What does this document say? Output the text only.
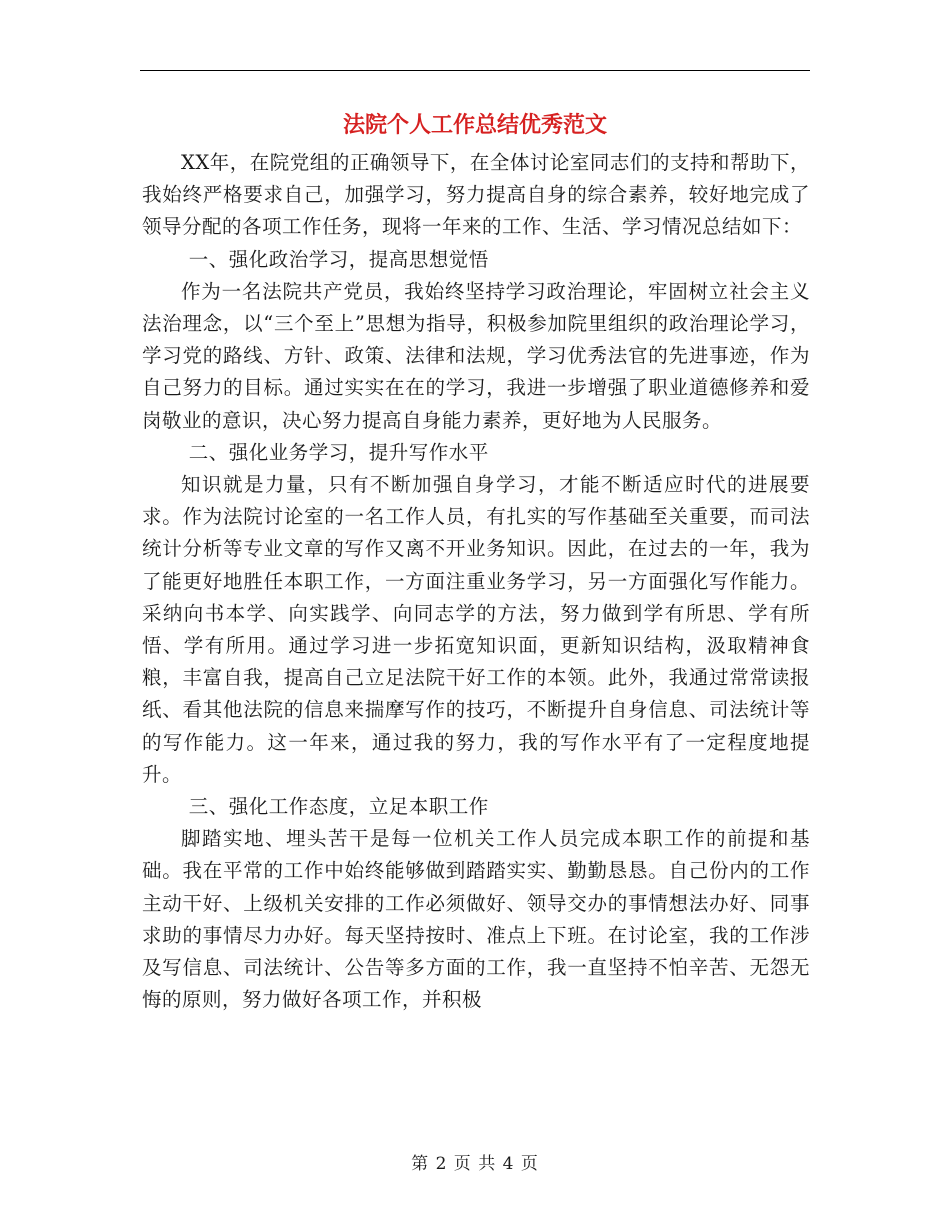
法院个人工作总结优秀范文

XX年，在院党组的正确领导下，在全体讨论室同志们的支持和帮助下，我始终严格要求自己，加强学习，努力提高自身的综合素养，较好地完成了领导分配的各项工作任务，现将一年来的工作、生活、学习情况总结如下：

一、强化政治学习，提高思想觉悟

作为一名法院共产党员，我始终坚持学习政治理论，牢固树立社会主义法治理念，以“三个至上”思想为指导，积极参加院里组织的政治理论学习，学习党的路线、方针、政策、法律和法规，学习优秀法官的先进事迹，作为自己努力的目标。通过实实在在的学习，我进一步增强了职业道德修养和爱岗敬业的意识，决心努力提高自身能力素养，更好地为人民服务。

二、强化业务学习，提升写作水平

知识就是力量，只有不断加强自身学习，才能不断适应时代的进展要求。作为法院讨论室的一名工作人员，有扎实的写作基础至关重要，而司法统计分析等专业文章的写作又离不开业务知识。因此，在过去的一年，我为了能更好地胜任本职工作，一方面注重业务学习，另一方面强化写作能力。采纳向书本学、向实践学、向同志学的方法，努力做到学有所思、学有所悟、学有所用。通过学习进一步拓宽知识面，更新知识结构，汲取精神食粮，丰富自我，提高自己立足法院干好工作的本领。此外，我通过常常读报纸、看其他法院的信息来揣摩写作的技巧，不断提升自身信息、司法统计等的写作能力。这一年来，通过我的努力，我的写作水平有了一定程度地提升。

三、强化工作态度，立足本职工作

脚踏实地、埋头苦干是每一位机关工作人员完成本职工作的前提和基础。我在平常的工作中始终能够做到踏踏实实、勤勤恳恳。自己份内的工作主动干好、上级机关安排的工作必须做好、领导交办的事情想法办好、同事求助的事情尽力办好。每天坚持按时、准点上下班。在讨论室，我的工作涉及写信息、司法统计、公告等多方面的工作，我一直坚持不怕辛苦、无怨无悔的原则，努力做好各项工作，并积极

第 2 页 共 4 页
